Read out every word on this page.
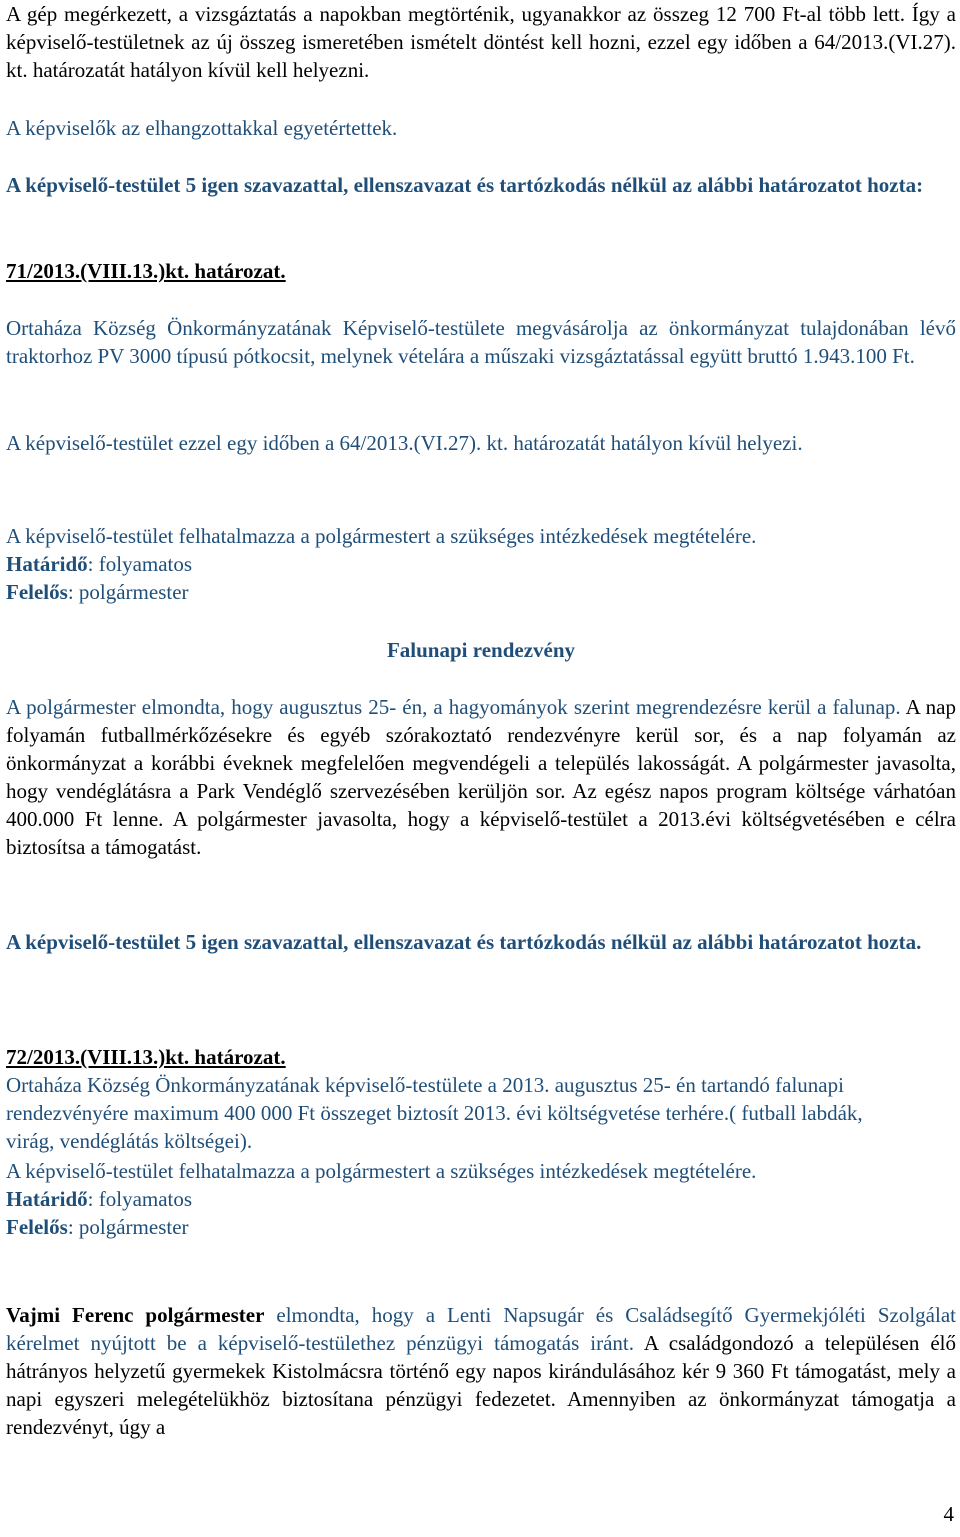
A gép megérkezett, a vizsgáztatás a napokban megtörténik, ugyanakkor az összeg 12 700 Ft-al több lett. Így a képviselő-testületnek az új összeg ismeretében ismételt döntést kell hozni, ezzel egy időben a 64/2013.(VI.27). kt. határozatát hatályon kívül kell helyezni.

A képviselők az elhangzottakkal egyetértettek.

A képviselő-testület 5 igen szavazattal, ellenszavazat és tartózkodás nélkül az alábbi határozatot hozta:

71/2013.(VIII.13.)kt. határozat.

Ortaháza Község Önkormányzatának Képviselő-testülete megvásárolja az önkormányzat tulajdonában lévő traktorhoz PV 3000 típusú pótkocsit, melynek vételára a műszaki vizsgáztatással együtt bruttó 1.943.100 Ft.

A képviselő-testület ezzel egy időben a 64/2013.(VI.27). kt. határozatát hatályon kívül helyezi.

A képviselő-testület felhatalmazza a polgármestert a szükséges intézkedések megtételére.

Határidő: folyamatos

Felelős: polgármester

Falunapi rendezvény

A polgármester elmondta, hogy augusztus 25- én, a hagyományok szerint megrendezésre kerül a falunap. A nap folyamán futballmérkőzésekre és egyéb szórakoztató rendezvényre kerül sor, és a nap folyamán az önkormányzat a korábbi éveknek megfelelően megvendégeli a település lakosságát. A polgármester javasolta, hogy vendéglátásra a Park Vendéglő szervezésében kerüljön sor. Az egész napos program költsége várhatóan 400.000 Ft lenne. A polgármester javasolta, hogy a képviselő-testület a 2013.évi költségvetésében e célra biztosítsa a támogatást.

A képviselő-testület 5 igen szavazattal, ellenszavazat és tartózkodás nélkül az alábbi határozatot hozta.

72/2013.(VIII.13.)kt. határozat.

Ortaháza Község Önkormányzatának képviselő-testülete a 2013. augusztus 25- én tartandó falunapi rendezvényére maximum 400 000 Ft összeget biztosít 2013. évi költségvetése terhére.( futball labdák, virág, vendéglátás költségei).

A képviselő-testület felhatalmazza a polgármestert a szükséges intézkedések megtételére.

Határidő: folyamatos

Felelős: polgármester

Vajmi Ferenc polgármester elmondta, hogy a Lenti Napsugár és Családsegítő Gyermekjóléti Szolgálat kérelmet nyújtott be a képviselő-testülethez pénzügyi támogatás iránt. A családgondozó a településen élő hátrányos helyzetű gyermekek Kistolmácsra történő egy napos kirándulásához kér 9 360 Ft támogatást, mely a napi egyszeri melegételükhöz biztosítana pénzügyi fedezetet. Amennyiben az önkormányzat támogatja a rendezvényt, úgy a

4
